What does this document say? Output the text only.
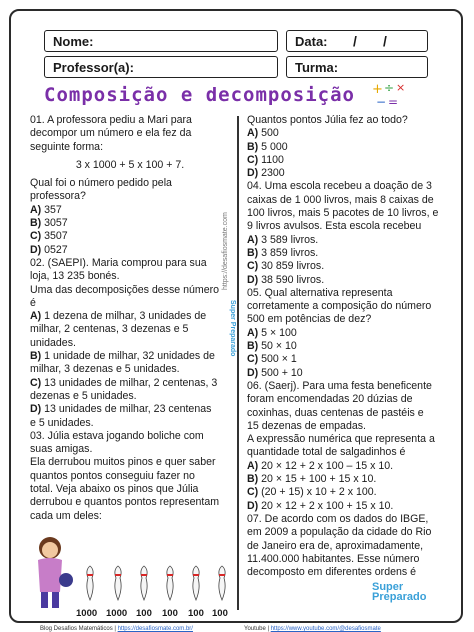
Nome:	Data: / /
Professor(a):	Turma:
Composição e decomposição + ÷ ×
− =

01. A professora pediu a Mari para

decompor um número e ela fez da

seguinte forma:

3 x 1000 + 5 x 100 + 7.

Qual foi o número pedido pela

professora?

A) 357

B) 3057

C) 3507

D) 0527

02. (SAEPI). Maria comprou para sua

loja, 13 235 bonés.

Uma das decomposições desse número

é

A) 1 dezena de milhar, 3 unidades de

milhar, 2 centenas, 3 dezenas e 5

unidades.

B) 1 unidade de milhar, 32 unidades de

milhar, 3 dezenas e 5 unidades.

C) 13 unidades de milhar, 2 centenas, 3

dezenas e 5 unidades.

D) 13 unidades de milhar, 23 centenas

e 5 unidades.

03. Júlia estava jogando boliche com

suas amigas.

Ela derrubou muitos pinos e quer saber

quantos pontos conseguiu fazer no

total. Veja abaixo os pinos que Júlia

derrubou e quantos pontos representam

cada um deles:

1000 1000 100 100 100 100

Quantos pontos Júlia fez ao todo?

A) 500

B) 5 000

C) 1100

D) 2300

04. Uma escola recebeu a doação de 3

caixas de 1 000 livros, mais 8 caixas de

100 livros, mais 5 pacotes de 10 livros, e

9 livros avulsos. Esta escola recebeu

A) 3 589 livros.

B) 3 859 livros.

C) 30 859 livros.

D) 38 590 livros.

05. Qual alternativa representa

corretamente a composição do número

500 em potências de dez?

A) 5 × 100

B) 50 × 10

C) 500 × 1

D) 500 + 10

06. (Saerj). Para uma festa beneficente

foram encomendadas 20 dúzias de

coxinhas, duas centenas de pastéis e

15 dezenas de empadas.

A expressão numérica que representa a

quantidade total de salgadinhos é

A) 20 × 12 + 2 x 100 – 15 x 10.

B) 20 × 15 + 100 + 15 x 10.

C) (20 + 15) x 10 + 2 x 100.

D) 20 × 12 + 2 x 100 + 15 x 10.

07. De acordo com os dados do IBGE,

em 2009 a população da cidade do Rio

de Janeiro era de, aproximadamente,

11.400.000 habitantes. Esse número

decomposto em diferentes ordens é

https://desafiosmate.com
Super Preparado
Super
Preparado
Blog Desafios Matemáticos | https://desafiosmate.com.br/	Youtube | https://www.youtube.com/@desafiosmate
